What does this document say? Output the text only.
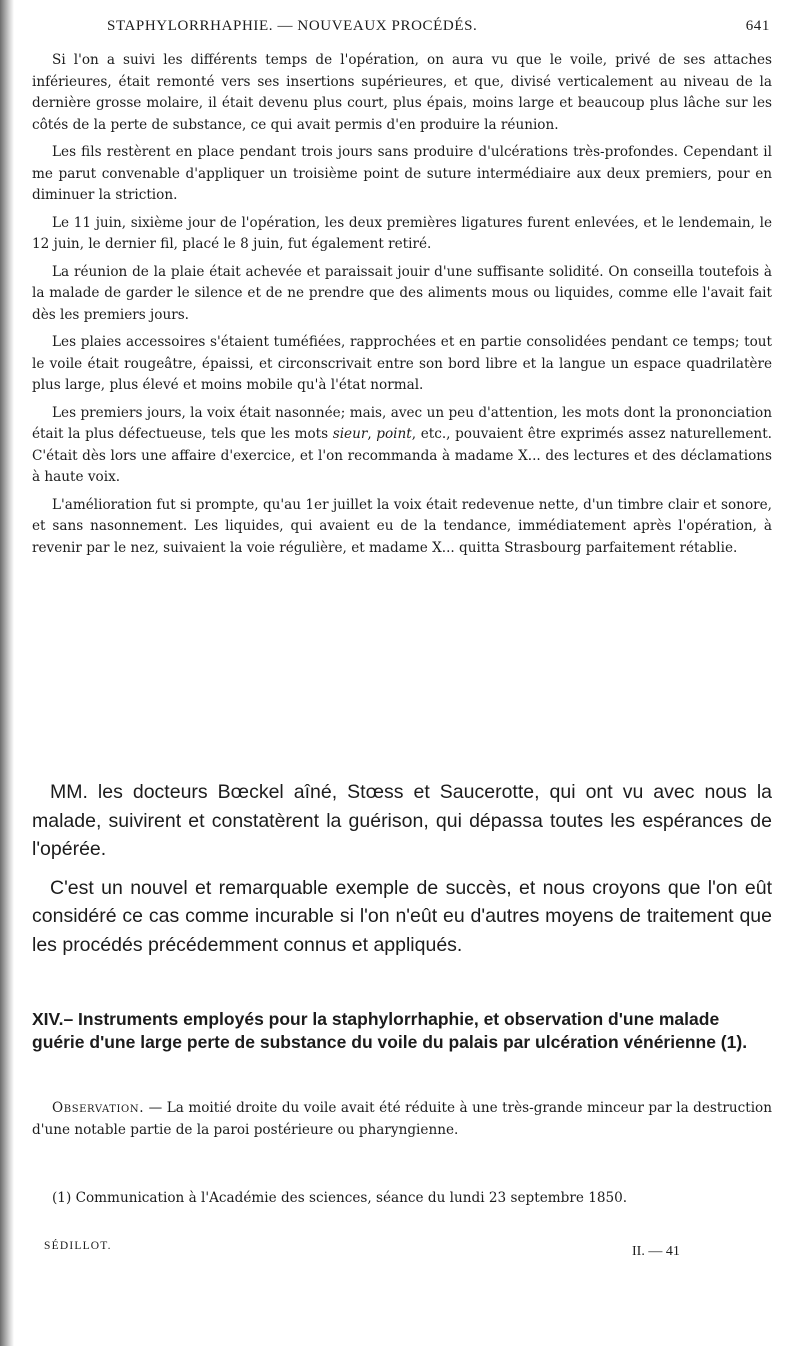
STAPHYLORRHAPHIE. — NOUVEAUX PROCÉDÉS.	641

Si l'on a suivi les différents temps de l'opération, on aura vu que le voile, privé de ses attaches inférieures, était remonté vers ses insertions supérieures, et que, divisé verticalement au niveau de la dernière grosse molaire, il était devenu plus court, plus épais, moins large et beaucoup plus lâche sur les côtés de la perte de substance, ce qui avait permis d'en produire la réunion.

Les fils restèrent en place pendant trois jours sans produire d'ulcérations très-profondes. Cependant il me parut convenable d'appliquer un troisième point de suture intermédiaire aux deux premiers, pour en diminuer la striction.

Le 11 juin, sixième jour de l'opération, les deux premières ligatures furent enlevées, et le lendemain, le 12 juin, le dernier fil, placé le 8 juin, fut également retiré.

La réunion de la plaie était achevée et paraissait jouir d'une suffisante solidité. On conseilla toutefois à la malade de garder le silence et de ne prendre que des aliments mous ou liquides, comme elle l'avait fait dès les premiers jours.

Les plaies accessoires s'étaient tuméfiées, rapprochées et en partie consolidées pendant ce temps; tout le voile était rougeâtre, épaissi, et circonscrivait entre son bord libre et la langue un espace quadrilatère plus large, plus élevé et moins mobile qu'à l'état normal.

Les premiers jours, la voix était nasonnée; mais, avec un peu d'attention, les mots dont la prononciation était la plus défectueuse, tels que les mots sieur, point, etc., pouvaient être exprimés assez naturellement. C'était dès lors une affaire d'exercice, et l'on recommanda à madame X... des lectures et des déclamations à haute voix.

L'amélioration fut si prompte, qu'au 1er juillet la voix était redevenue nette, d'un timbre clair et sonore, et sans nasonnement. Les liquides, qui avaient eu de la tendance, immédiatement après l'opération, à revenir par le nez, suivaient la voie régulière, et madame X... quitta Strasbourg parfaitement rétablie.

MM. les docteurs Bœckel aîné, Stœss et Saucerotte, qui ont vu avec nous la malade, suivirent et constatèrent la guérison, qui dépassa toutes les espérances de l'opérée.

C'est un nouvel et remarquable exemple de succès, et nous croyons que l'on eût considéré ce cas comme incurable si l'on n'eût eu d'autres moyens de traitement que les procédés précédemment connus et appliqués.

XIV.– Instruments employés pour la staphylorrhaphie, et observation d'une malade guérie d'une large perte de substance du voile du palais par ulcération vénérienne (1).

Observation. — La moitié droite du voile avait été réduite à une très-grande minceur par la destruction d'une notable partie de la paroi postérieure ou pharyngienne.

(1) Communication à l'Académie des sciences, séance du lundi 23 septembre 1850.

SÉDILLOT.	II. — 41
